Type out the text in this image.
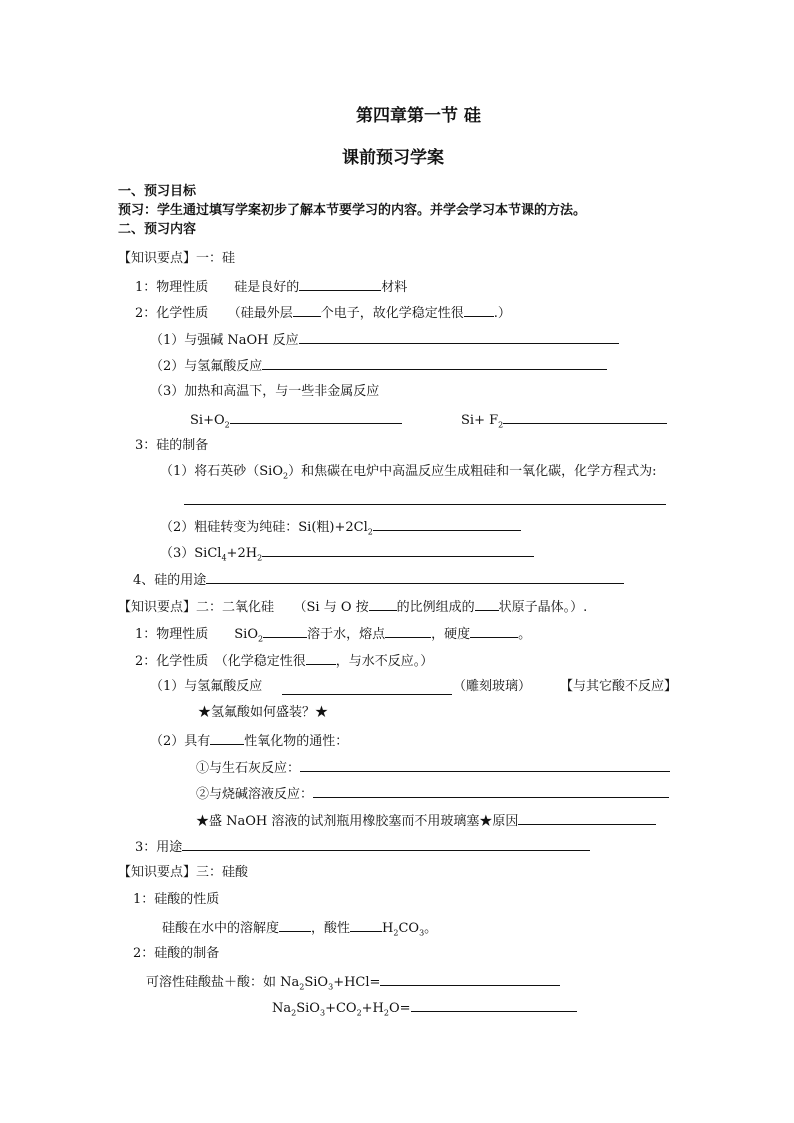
第四章第一节 硅
课前预习学案
一、预习目标
预习：学生通过填写学案初步了解本节要学习的内容。并学会学习本节课的方法。
二、预习内容
【知识要点】一：硅
1：物理性质　　硅是良好的	材料
2：化学性质　　（硅最外层 个电子，故化学稳定性很 .）
（1）与强碱 NaOH 反应
（2）与氢氟酸反应
（3）加热和高温下，与一些非金属反应
$Si+O_2$	$Si+ F_2$
3：硅的制备
（1）将石英砂（SiO$_2$）和焦碳在电炉中高温反应生成粗硅和一氧化碳，化学方程式为:
（2）粗硅转变为纯硅：Si(粗)$+2Cl_2$
$(3)SiCl_4+2H_2$
4、硅的用途
【知识要点】二：二氧化硅　　（Si 与 O 按 的比例组成的 状原子晶体。）.
1：物理性质　　SiO$_2$	溶于水，熔点	，硬度	。
2：化学性质　（化学稳定性很 ，与水不反应。）
（1）与氢氟酸反应	（雕刻玻璃） 【与其它酸不反应】
★氢氟酸如何盛装？★
（2）具有	性氧化物的通性：
①与生石灰反应：
②与烧碱溶液反应：
★盛 NaOH 溶液的试剂瓶用橡胶塞而不用玻璃塞★原因
3：用途
【知识要点】三：硅酸
1：硅酸的性质
硅酸在水中的溶解度 ，酸性 $H_2CO_3$。
2：硅酸的制备
可溶性硅酸盐＋酸：如 $Na_2SiO_3+HCl=$
$Na_2SiO_3+CO_2+H_2O=$
